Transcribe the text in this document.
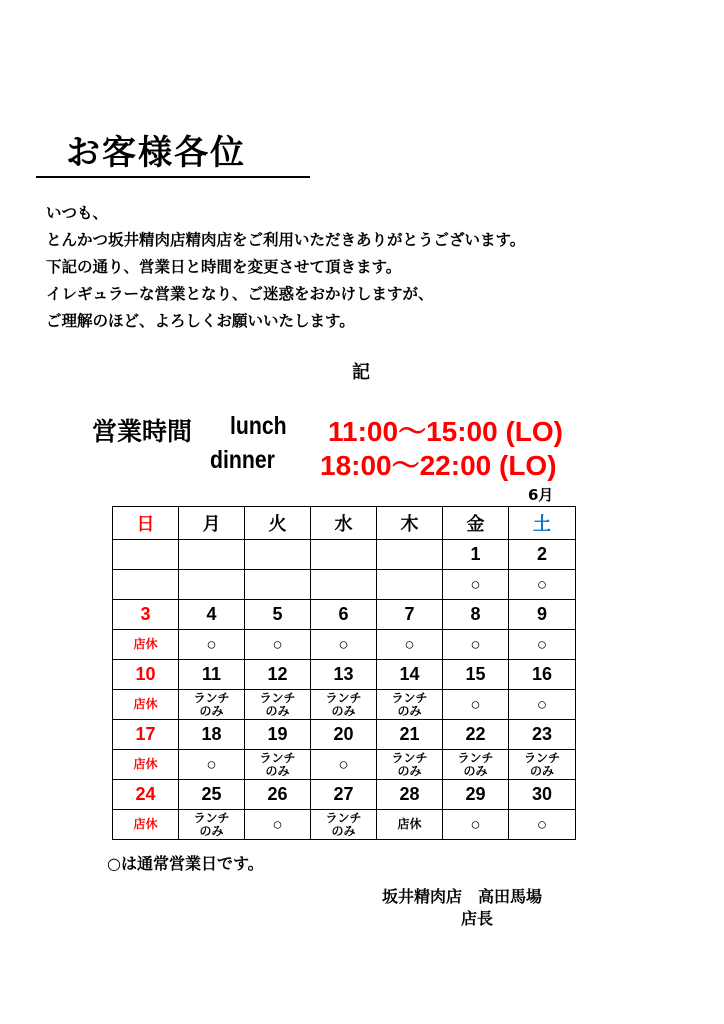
お客様各位
いつも、
とんかつ坂井精肉店精肉店をご利用いただきありがとうございます。
下記の通り、営業日と時間を変更させて頂きます。
イレギュラーな営業となり、ご迷惑をおかけしますが、
ご理解のほど、よろしくお願いいたします。
記
営業時間 lunch 11:00～15:00 (LO)
dinner 18:00～22:00 (LO)
6月
日	月	火	水	木	金	土
					1	2
					○	○
3	4	5	6	7	8	9
店休	○	○	○	○	○	○
10	11	12	13	14	15	16
店休	ランチのみ	ランチのみ	ランチのみ	ランチのみ	○	○
17	18	19	20	21	22	23
店休	○	ランチのみ	○	ランチのみ	ランチのみ	ランチのみ
24	25	26	27	28	29	30
店休	ランチのみ	○	ランチのみ	店休	○	○
○は通常営業日です。
坂井精肉店　高田馬場
店長
